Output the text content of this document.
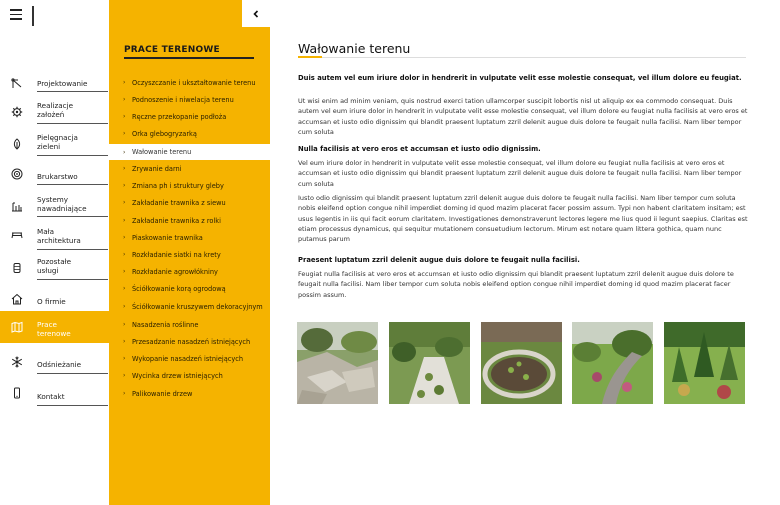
Projektowanie
Realizacje założeń
Pielęgnacja zieleni
Brukarstwo
Systemy nawadniające
Mała architektura
Pozostałe usługi
O firmie
Prace terenowe
Odśnieżanie
Kontakt
PRACE TERENOWE
› Oczyszczanie i ukształtowanie terenu
› Podnoszenie i niwelacja terenu
› Ręczne przekopanie podłoża
› Orka glebogryzarką
› Wałowanie terenu
› Zrywanie darni
› Zmiana ph i struktury gleby
› Zakładanie trawnika z siewu
› Zakładanie trawnika z rolki
› Piaskowanie trawnika
› Rozkładanie siatki na krety
› Rozkładanie agrowłókniny
› Ściółkowanie korą ogrodową
› Ściółkowanie kruszywem dekoracyjnym
› Nasadzenia roślinne
› Przesadzanie nasadzeń istniejących
› Wykopanie nasadzeń istniejących
› Wycinka drzew istniejących
› Palikowanie drzew
Wałowanie terenu
Duis autem vel eum iriure dolor in hendrerit in vulputate velit esse molestie consequat, vel illum dolore eu feugiat.
Ut wisi enim ad minim veniam, quis nostrud exerci tation ullamcorper suscipit lobortis nisl ut aliquip ex ea commodo consequat. Duis autem vel eum iriure dolor in hendrerit in vulputate velit esse molestie consequat, vel illum dolore eu feugiat nulla facilisis at vero eros et accumsan et iusto odio dignissim qui blandit praesent luptatum zzril delenit augue duis dolore te feugait nulla facilisi. Nam liber tempor cum soluta
Nulla facilisis at vero eros et accumsan et iusto odio dignissim.
Vel eum iriure dolor in hendrerit in vulputate velit esse molestie consequat, vel illum dolore eu feugiat nulla facilisis at vero eros et accumsan et iusto odio dignissim qui blandit praesent luptatum zzril delenit augue duis dolore te feugait nulla facilisi. Nam liber tempor cum soluta
Iusto odio dignissim qui blandit praesent luptatum zzril delenit augue duis dolore te feugait nulla facilisi. Nam liber tempor cum soluta nobis eleifend option congue nihil imperdiet doming id quod mazim placerat facer possim assum. Typi non habent claritatem insitam; est usus legentis in iis qui facit eorum claritatem. Investigationes demonstraverunt lectores legere me lius quod ii legunt saepius. Claritas est etiam processus dynamicus, qui sequitur mutationem consuetudium lectorum. Mirum est notare quam littera gothica, quam nunc putamus parum
Praesent luptatum zzril delenit augue duis dolore te feugait nulla facilisi.
Feugiat nulla facilisis at vero eros et accumsan et iusto odio dignissim qui blandit praesent luptatum zzril delenit augue duis dolore te feugait nulla facilisi. Nam liber tempor cum soluta nobis eleifend option congue nihil imperdiet doming id quod mazim placerat facer possim assum.
